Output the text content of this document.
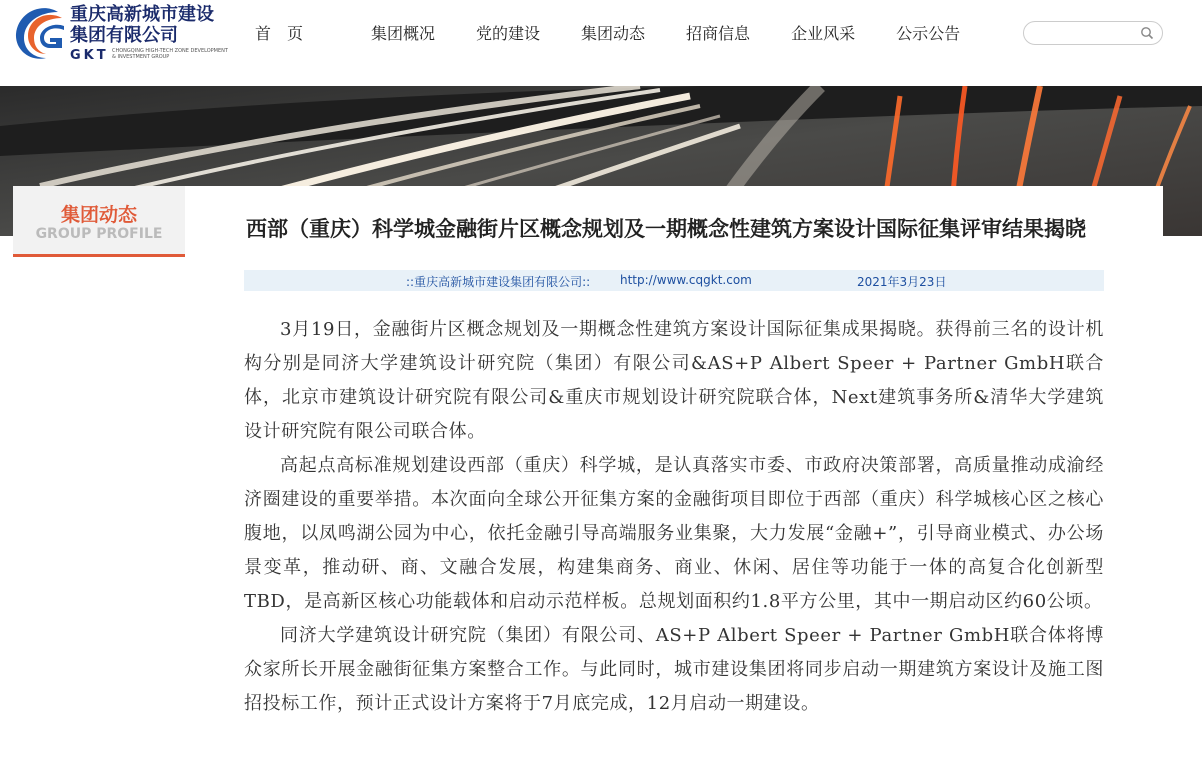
重庆高新城市建设
集团有限公司
GKT CHONGQING HIGH-TECH ZONE DEVELOPMENT & INVESTMENT GROUP
首　页	集团概况	党的建设	集团动态	招商信息	企业风采	公示公告
集团动态
GROUP PROFILE	西部（重庆）科学城金融街片区概念规划及一期概念性建筑方案设计国际征集评审结果揭晓
::重庆高新城市建设集团有限公司:: http://www.cqgkt.com	2021年3月23日

3月19日，金融街片区概念规划及一期概念性建筑方案设计国际征集成果揭晓。获得前三名的设计机构分别是同济大学建筑设计研究院（集团）有限公司&AS+P Albert Speer + Partner GmbH联合体，北京市建筑设计研究院有限公司&重庆市规划设计研究院联合体，Next建筑事务所&清华大学建筑设计研究院有限公司联合体。

高起点高标准规划建设西部（重庆）科学城，是认真落实市委、市政府决策部署，高质量推动成渝经济圈建设的重要举措。本次面向全球公开征集方案的金融街项目即位于西部（重庆）科学城核心区之核心腹地，以凤鸣湖公园为中心，依托金融引导高端服务业集聚，大力发展“金融+”，引导商业模式、办公场景变革，推动研、商、文融合发展，构建集商务、商业、休闲、居住等功能于一体的高复合化创新型TBD，是高新区核心功能载体和启动示范样板。总规划面积约1.8平方公里，其中一期启动区约60公顷。

同济大学建筑设计研究院（集团）有限公司、AS+P Albert Speer + Partner GmbH联合体将博众家所长开展金融街征集方案整合工作。与此同时，城市建设集团将同步启动一期建筑方案设计及施工图招投标工作，预计正式设计方案将于7月底完成，12月启动一期建设。
